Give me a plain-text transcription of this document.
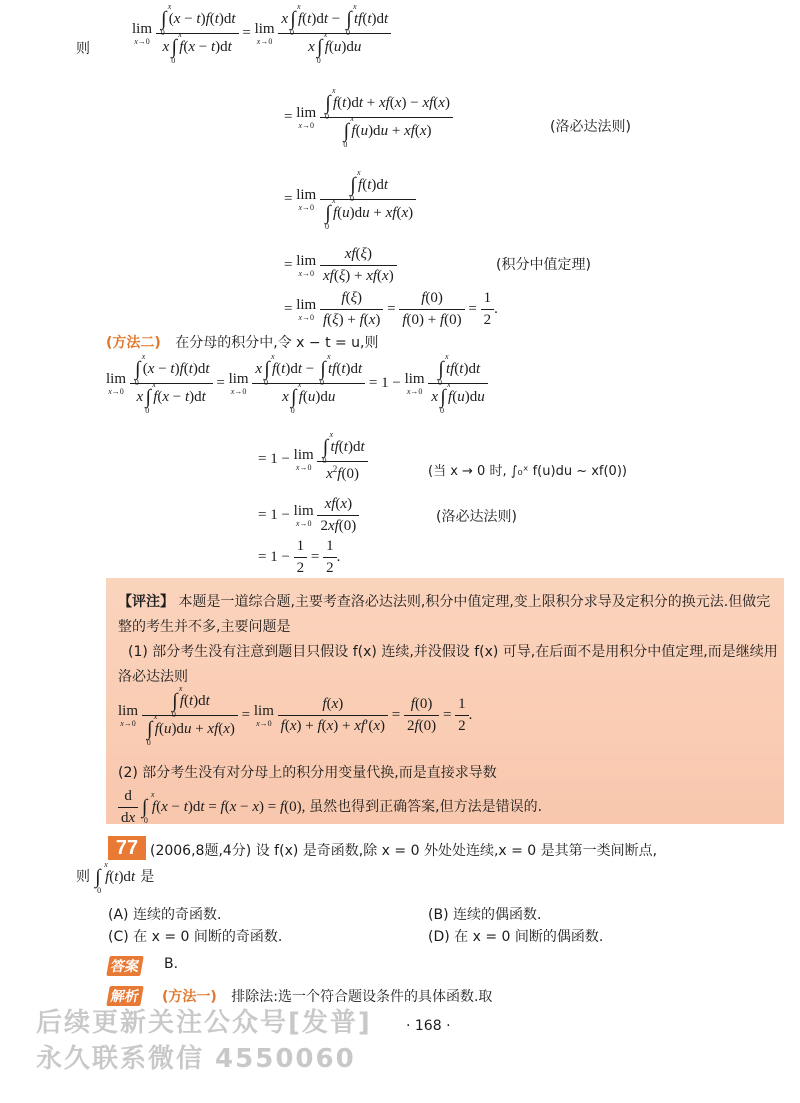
则
lim
x→0
∫
x
0
(x − t)f(t)dt
x ∫
x
0
f(x − t)dt = lim
x→0
x ∫
x
0
f(t)dt − ∫
x
0
tf(t)dt
x ∫
x
0
f(u)du
= lim
x→0
∫
x
0
f(t)dt + xf(x) − xf(x)
∫
x
0
f(u)du + xf(x)	(洛必达法则)
= lim
x→0
∫
x
0
f(t)dt
∫
x
0
f(u)du + xf(x)
= lim
x→0
$\frac{xf(\xi)}{xf(\xi) + xf(x)}$	(积分中值定理)
= lim
x→0
$\frac{f(\xi)}{f(\xi) + f(x)} = \frac{f(0)}{f(0) + f(0)} = \frac{1}{2}$ .
(方法二) 在分母的积分中,令 x − t = u,则
lim
x→0
∫
x
0
(x − t)f(t)dt
x ∫
x
0
f(x − t)dt = lim
x→0
x ∫
x
0
f(t)dt − ∫
x
0
tf(t)dt
x ∫
x
0
f(u)du = 1 − lim
x→0
∫
x
0
tf(t)dt
x ∫
x
0
f(u)du
= 1 − lim
x→0
∫
x
0
tf(t)dt
$x^2f(0)$	(当 x → 0 时, ∫₀ˣ f(u)du ~ xf(0))
= 1 − lim
x→0
$\frac{xf(x)}{2xf(0)}$	(洛必达法则)
= $1 - \frac{1}{2} = \frac{1}{2}$ .
【评注】 本题是一道综合题,主要考查洛必达法则,积分中值定理,变上限积分求导及定积分的换元法.但做完整的考生并不多,主要问题是
(1) 部分考生没有注意到题目只假设 f(x) 连续,并没假设 f(x) 可导,在后面不是用积分中值定理,而是继续用洛必达法则
lim
x→0
∫
x
0
f(t)dt
∫
x
0
f(u)du + xf(x) = lim
x→0
$\frac{f(x)}{f(x) + f(x) + xf'(x)} = \frac{f(0)}{2f(0)} = \frac{1}{2}$ .
(2) 部分考生没有对分母上的积分用变量代换,而是直接求导数
$\frac{d}{dx}$ ∫
x
0
f(x − t)dt = f(x − x) = f(0), 虽然也得到正确答案,但方法是错误的.
77 (2006,8题,4分) 设 f(x) 是奇函数,除 x = 0 外处处连续,x = 0 是其第一类间断点,
则 ∫
x
0
f(t)dt 是
(A) 连续的奇函数.	(B) 连续的偶函数.
(C) 在 x = 0 间断的奇函数.	(D) 在 x = 0 间断的偶函数.
答案 B.
解析 (方法一) 排除法:选一个符合题设条件的具体函数.取
· 168 ·
后续更新关注公众号[发普]
永久联系微信 4550060
